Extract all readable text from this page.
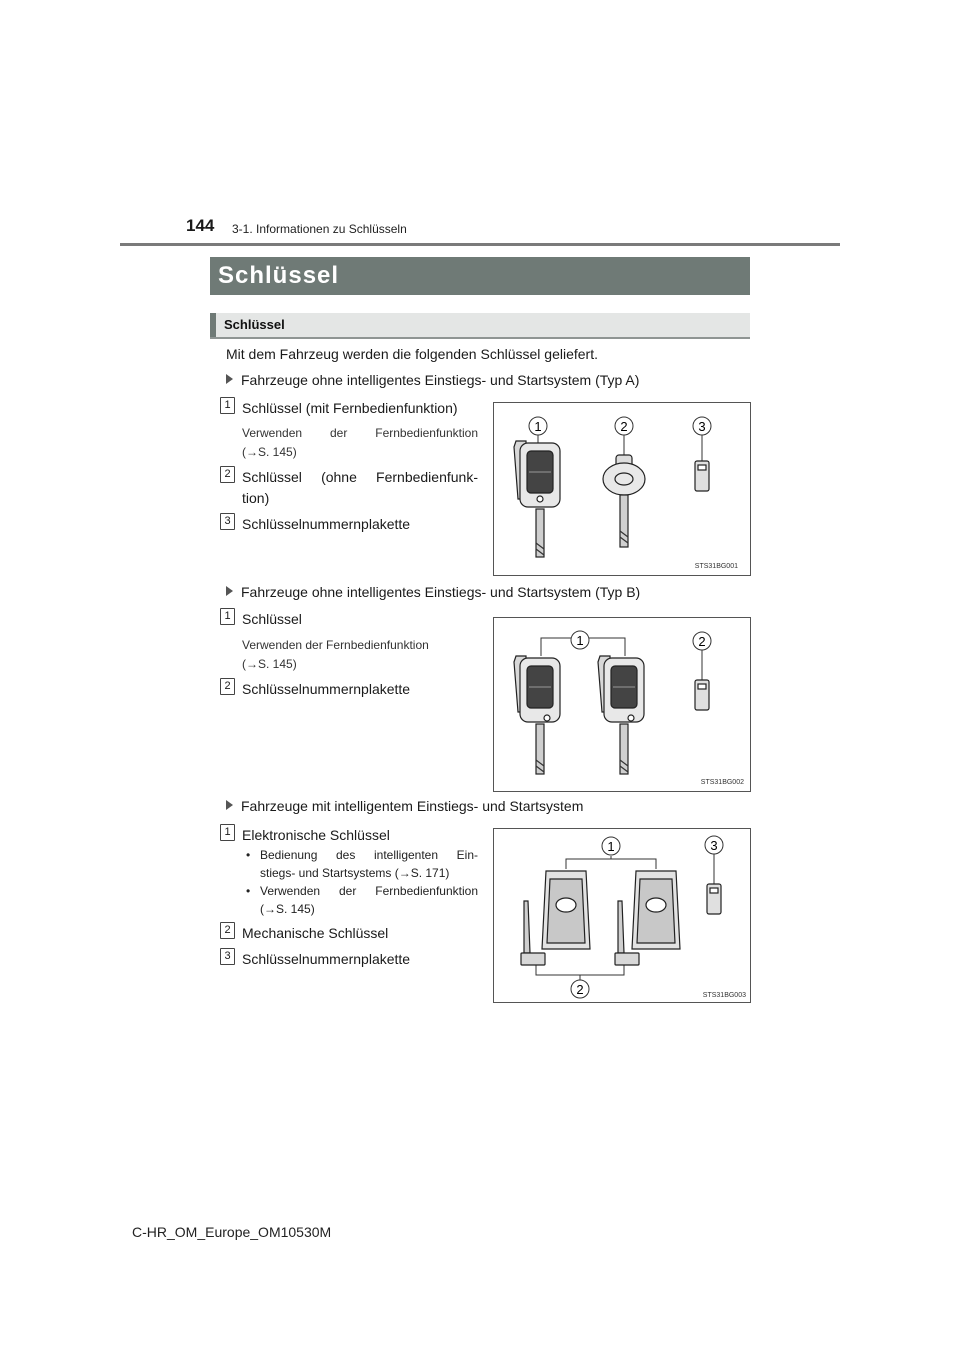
144 3-1. Informationen zu Schlüsseln
Schlüssel
Schlüssel
Mit dem Fahrzeug werden die folgenden Schlüssel geliefert.
Fahrzeuge ohne intelligentes Einstiegs- und Startsystem (Typ A)
1 Schlüssel (mit Fernbedienfunktion)
Verwenden der Fernbedienfunktion
(→S. 145)
2 Schlüssel (ohne Fernbedienfunk-
tion)
3 Schlüsselnummernplakette
1	2	3
STS31BG001
Fahrzeuge ohne intelligentes Einstiegs- und Startsystem (Typ B)
1 Schlüssel
Verwenden der Fernbedienfunktion
(→S. 145)
2 Schlüsselnummernplakette
1	2
STS31BG002
Fahrzeuge mit intelligentem Einstiegs- und Startsystem
1 Elektronische Schlüssel
• Bedienung des intelligenten Ein-
stiegs- und Startsystems (→S. 171)
• Verwenden der Fernbedienfunktion
(→S. 145)
2 Mechanische Schlüssel
3 Schlüsselnummernplakette
1	3
2	STS31BG003
C-HR_OM_Europe_OM10530M
